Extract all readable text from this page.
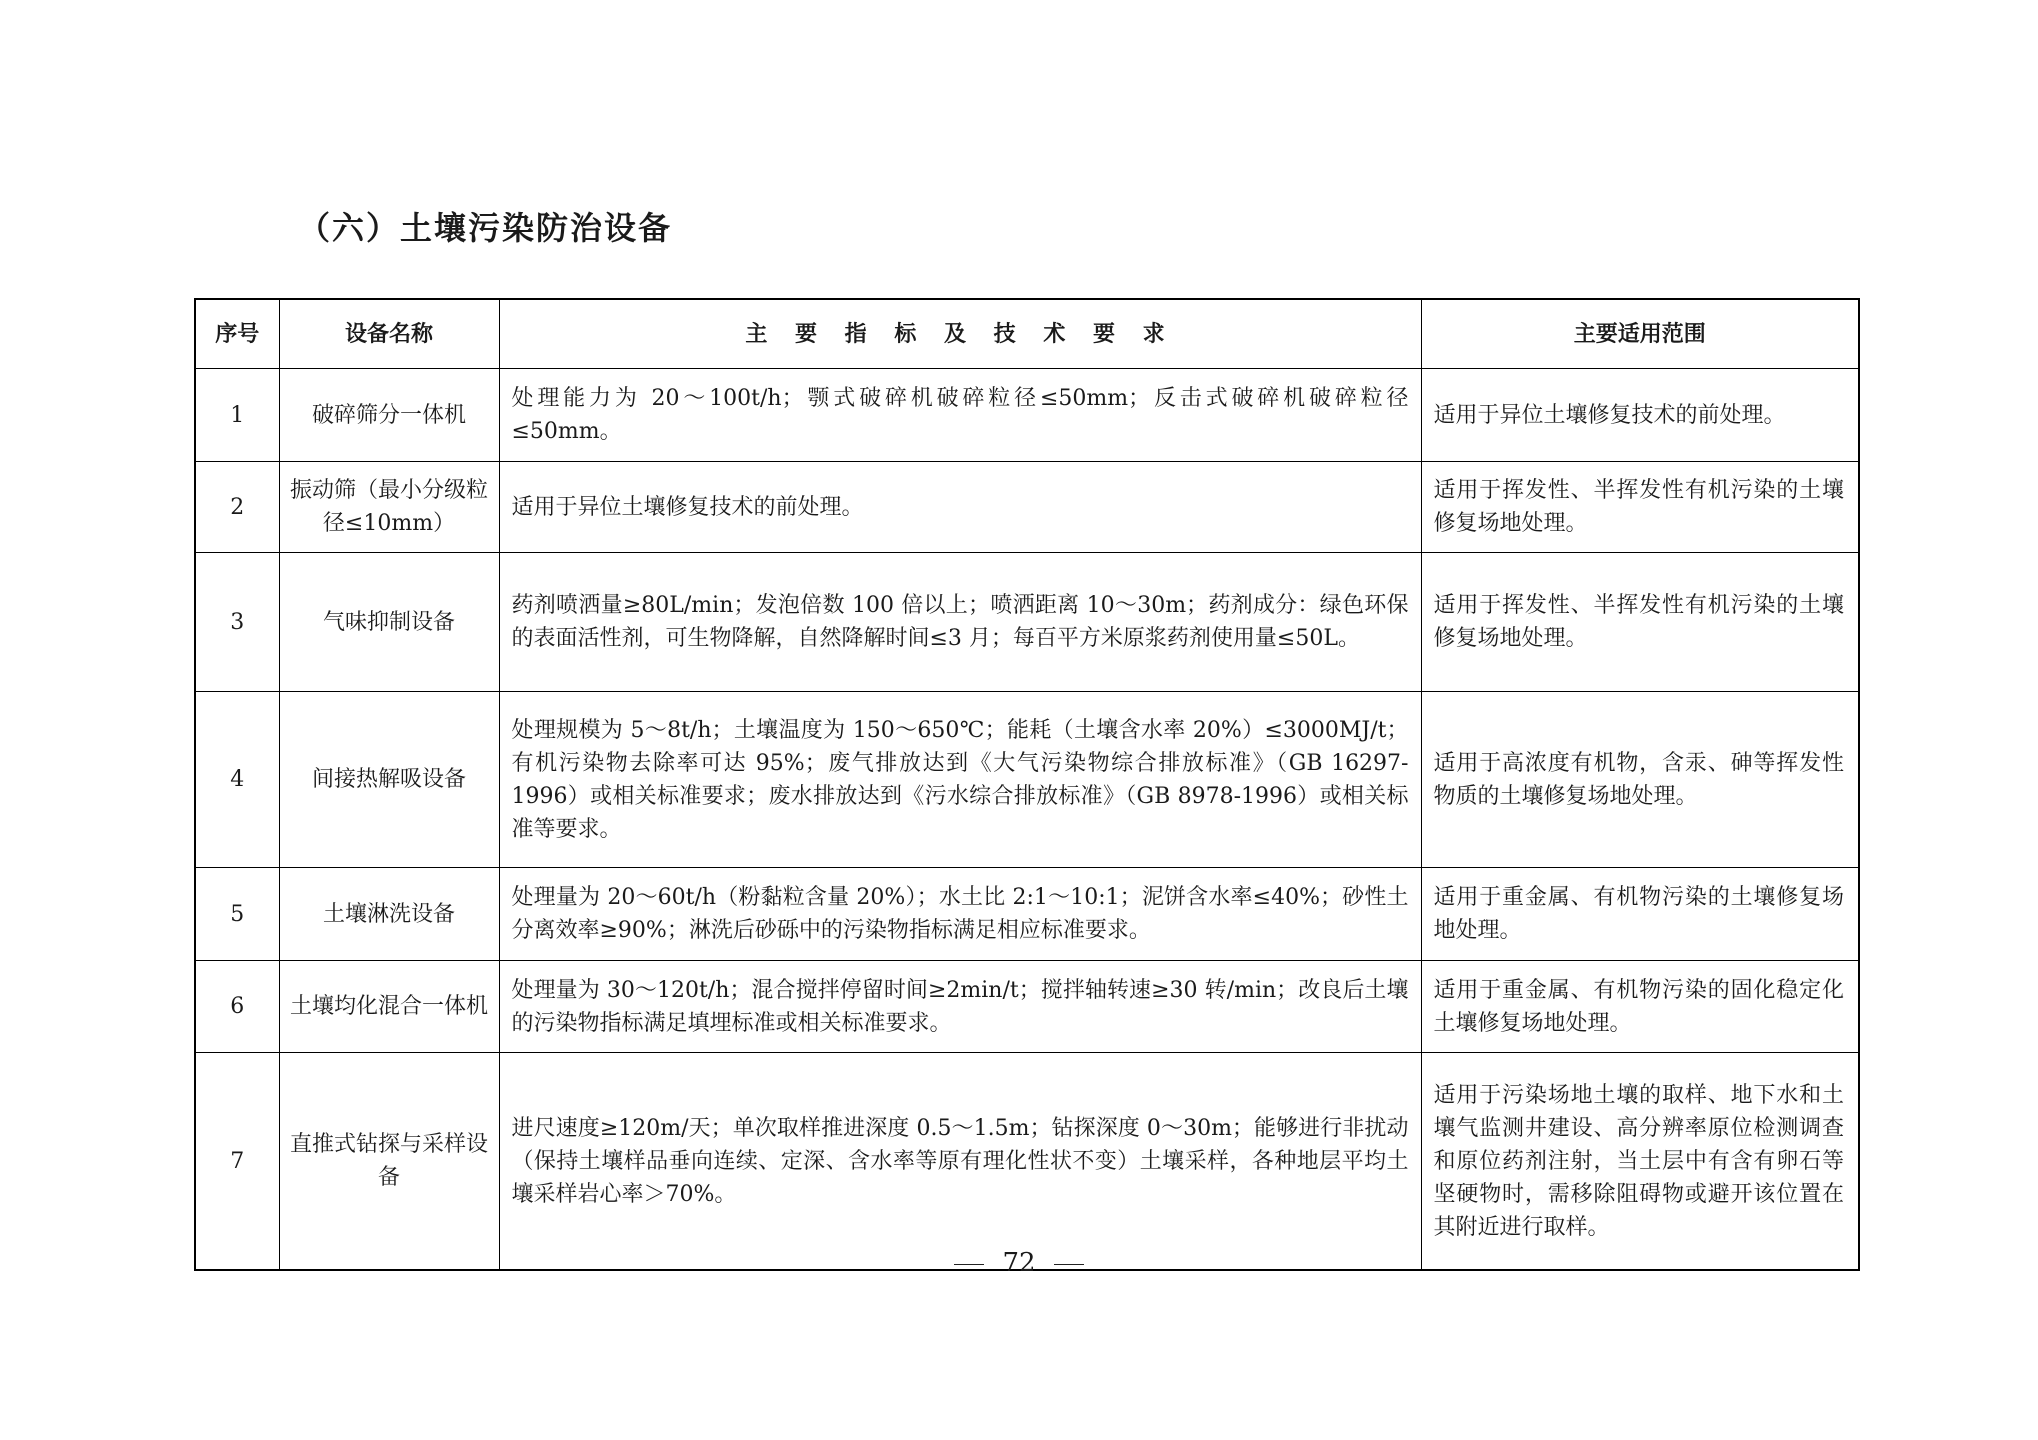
（六）土壤污染防治设备
序号	设备名称	主 要 指 标 及 技 术 要 求	主要适用范围
1	破碎筛分一体机	处理能力为 20～100t/h；颚式破碎机破碎粒径≤50mm；反击式破碎机破碎粒径≤50mm。	适用于异位土壤修复技术的前处理。
2	振动筛（最小分级粒径≤10mm）	适用于异位土壤修复技术的前处理。	适用于挥发性、半挥发性有机污染的土壤修复场地处理。
3	气味抑制设备	药剂喷洒量≥80L/min；发泡倍数 100 倍以上；喷洒距离 10～30m；药剂成分：绿色环保的表面活性剂，可生物降解，自然降解时间≤3 月；每百平方米原浆药剂使用量≤50L。	适用于挥发性、半挥发性有机污染的土壤修复场地处理。
4	间接热解吸设备	处理规模为 5～8t/h；土壤温度为 150～650℃；能耗（土壤含水率 20%）≤3000MJ/t；有机污染物去除率可达 95%；废气排放达到《大气污染物综合排放标准》（GB 16297-1996）或相关标准要求；废水排放达到《污水综合排放标准》（GB 8978-1996）或相关标准等要求。	适用于高浓度有机物，含汞、砷等挥发性物质的土壤修复场地处理。
5	土壤淋洗设备	处理量为 20～60t/h（粉黏粒含量 20%）；水土比 2:1～10:1；泥饼含水率≤40%；砂性土分离效率≥90%；淋洗后砂砾中的污染物指标满足相应标准要求。	适用于重金属、有机物污染的土壤修复场地处理。
6	土壤均化混合一体机	处理量为 30～120t/h；混合搅拌停留时间≥2min/t；搅拌轴转速≥30 转/min；改良后土壤的污染物指标满足填埋标准或相关标准要求。	适用于重金属、有机物污染的固化稳定化土壤修复场地处理。
7	直推式钻探与采样设备	进尺速度≥120m/天；单次取样推进深度 0.5～1.5m；钻探深度 0～30m；能够进行非扰动（保持土壤样品垂向连续、定深、含水率等原有理化性状不变）土壤采样，各种地层平均土壤采样岩心率＞70%。	适用于污染场地土壤的取样、地下水和土壤气监测井建设、高分辨率原位检测调查和原位药剂注射，当土层中有含有卵石等坚硬物时，需移除阻碍物或避开该位置在其附近进行取样。
72
